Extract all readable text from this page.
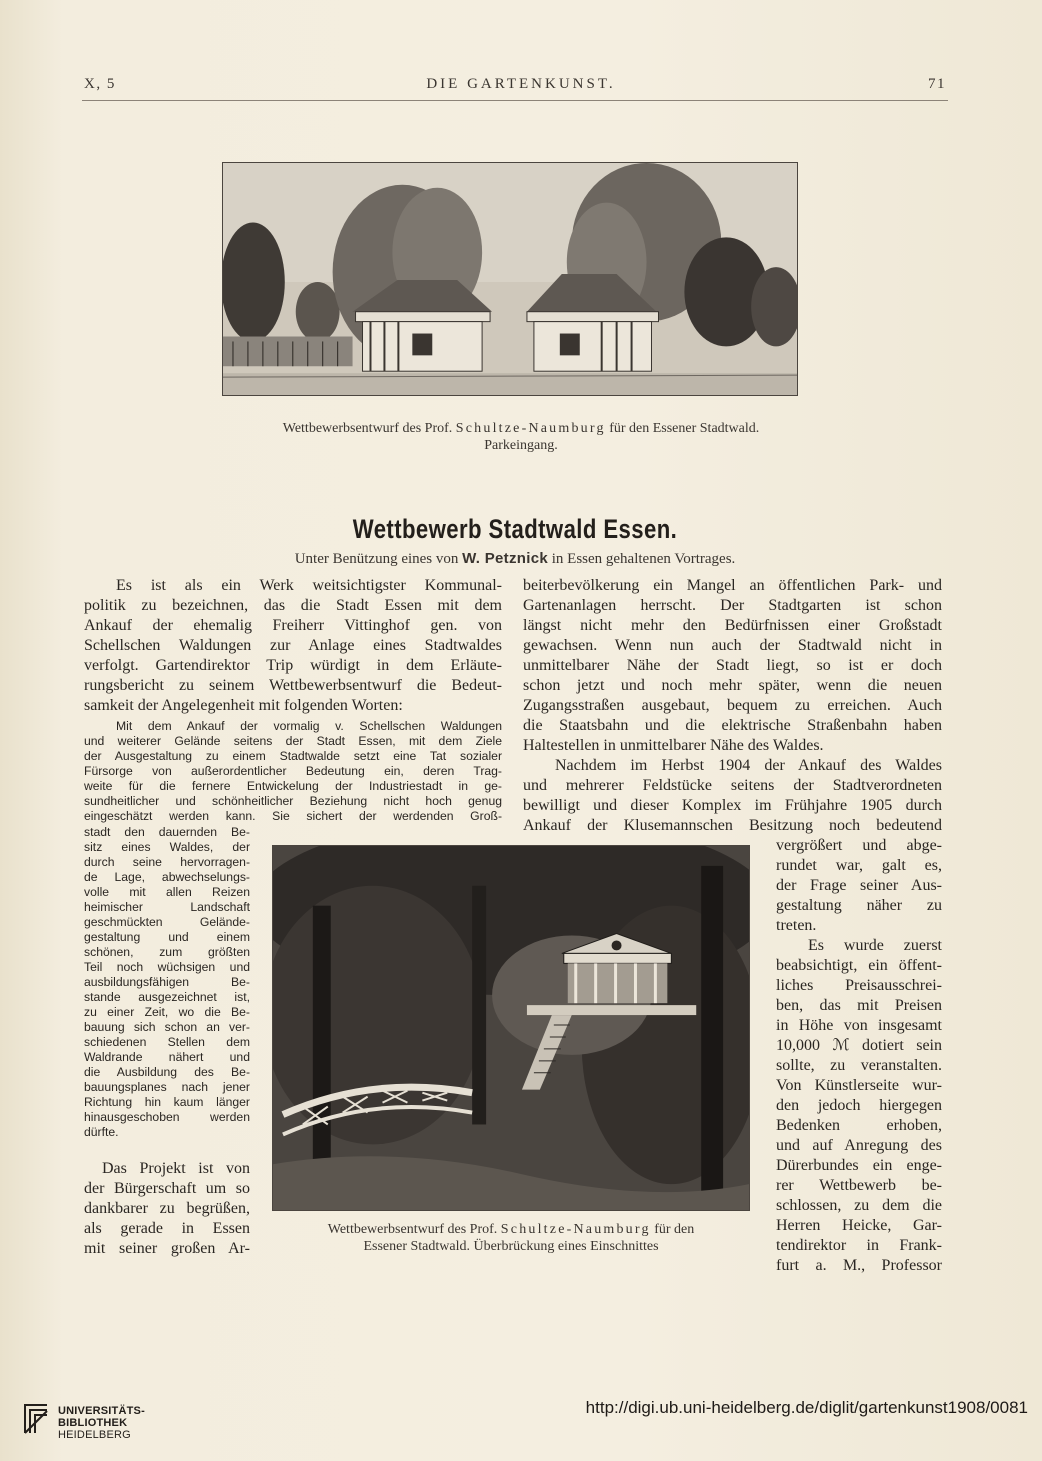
X, 5	DIE GARTENKUNST.	71
Wettbewerbsentwurf des Prof. Schultze-Naumburg für den Essener Stadtwald.
Parkeingang.
Wettbewerb Stadtwald Essen.
Unter Benützung eines von W. Petznick in Essen gehaltenen Vortrages.
Wettbewerbsentwurf des Prof. Schultze-Naumburg für den
Essener Stadtwald. Überbrückung eines Einschnittes
Es ist als ein Werk weitsichtigster Kommunal-
politik zu bezeichnen, das die Stadt Essen mit dem
Ankauf der ehemalig Freiherr Vittinghof gen. von
Schellschen Waldungen zur Anlage eines Stadtwaldes
verfolgt. Gartendirektor Trip würdigt in dem Erläute-
rungsbericht zu seinem Wettbewerbsentwurf die Bedeut-
samkeit der Angelegenheit mit folgenden Worten:
Mit dem Ankauf der vormalig v. Schellschen Waldungen
und weiterer Gelände seitens der Stadt Essen, mit dem Ziele
der Ausgestaltung zu einem Stadtwalde setzt eine Tat sozialer
Fürsorge von außerordentlicher Bedeutung ein, deren Trag-
weite für die fernere Entwickelung der Industriestadt in ge-
sundheitlicher und schönheitlicher Beziehung nicht hoch genug
eingeschätzt werden kann. Sie sichert der werdenden Groß-
stadt den dauernden Be-
sitz eines Waldes, der
durch seine hervorragen-
de Lage, abwechselungs-
volle mit allen Reizen
heimischer Landschaft
geschmückten Gelände-
gestaltung und einem
schönen, zum größten
Teil noch wüchsigen und
ausbildungsfähigen Be-
stande ausgezeichnet ist,
zu einer Zeit, wo die Be-
bauung sich schon an ver-
schiedenen Stellen dem
Waldrande nähert und
die Ausbildung des Be-
bauungsplanes nach jener
Richtung hin kaum länger
hinausgeschoben werden
dürfte.
Das Projekt ist von
der Bürgerschaft um so
dankbarer zu begrüßen,
als gerade in Essen
mit seiner großen Ar-
beiterbevölkerung ein Mangel an öffentlichen Park- und
Gartenanlagen herrscht. Der Stadtgarten ist schon
längst nicht mehr den Bedürfnissen einer Großstadt
gewachsen. Wenn nun auch der Stadtwald nicht in
unmittelbarer Nähe der Stadt liegt, so ist er doch
schon jetzt und noch mehr später, wenn die neuen
Zugangsstraßen ausgebaut, bequem zu erreichen. Auch
die Staatsbahn und die elektrische Straßenbahn haben
Haltestellen in unmittelbarer Nähe des Waldes.
Nachdem im Herbst 1904 der Ankauf des Waldes
und mehrerer Feldstücke seitens der Stadtverordneten
bewilligt und dieser Komplex im Frühjahre 1905 durch
Ankauf der Klusemannschen Besitzung noch bedeutend
vergrößert und abge-
rundet war, galt es,
der Frage seiner Aus-
gestaltung näher zu
treten.
Es wurde zuerst
beabsichtigt, ein öffent-
liches Preisausschrei-
ben, das mit Preisen
in Höhe von insgesamt
10,000 ℳ dotiert sein
sollte, zu veranstalten.
Von Künstlerseite wur-
den jedoch hiergegen
Bedenken erhoben,
und auf Anregung des
Dürerbundes ein enge-
rer Wettbewerb be-
schlossen, zu dem die
Herren Heicke, Gar-
tendirektor in Frank-
furt a. M., Professor
UNIVERSITÄTS-
BIBLIOTHEK
HEIDELBERG
http://digi.ub.uni-heidelberg.de/diglit/gartenkunst1908/0081
